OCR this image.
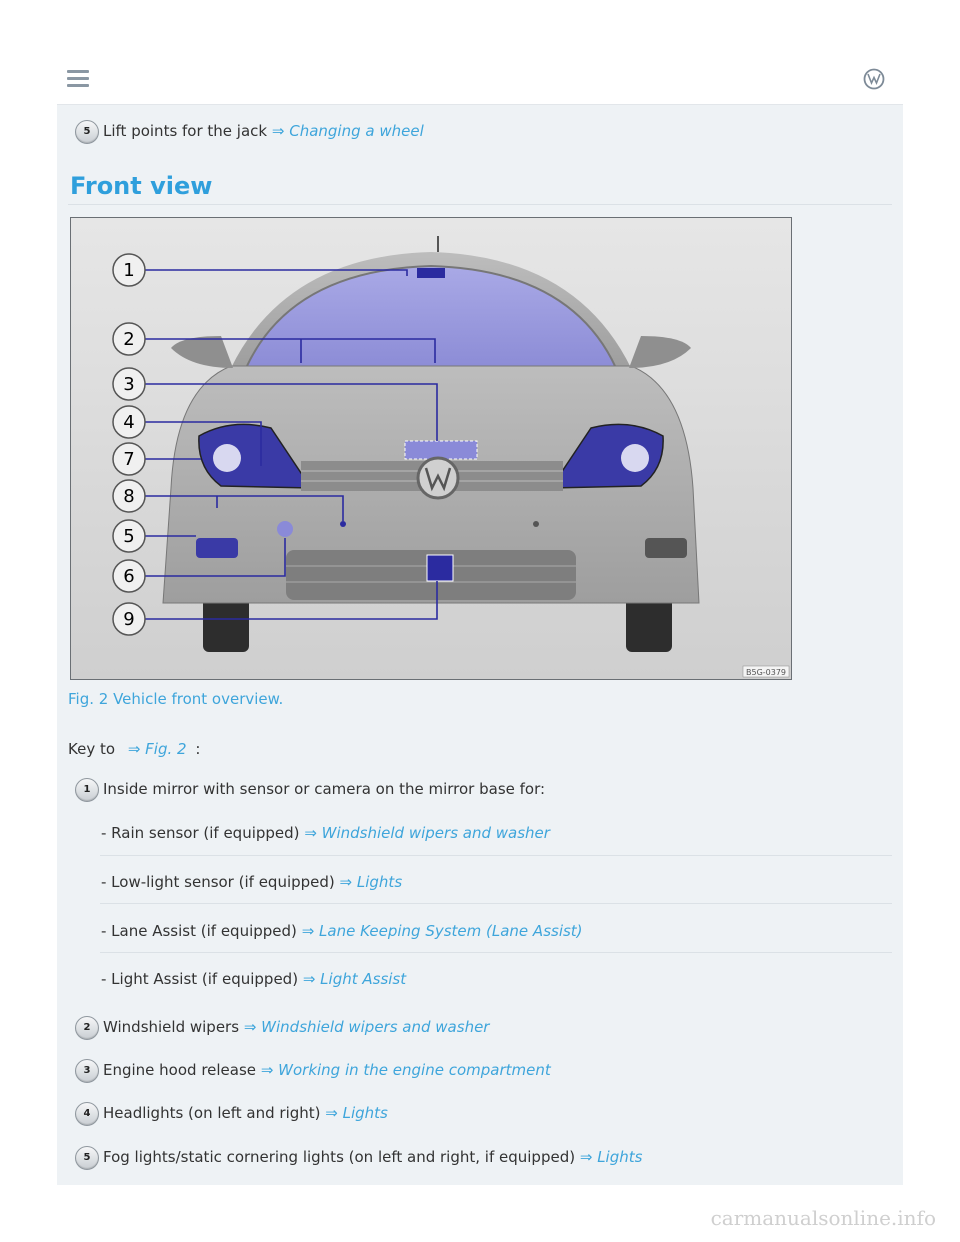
5 Lift points for the jack ⇒ Changing a wheel
Front view
1
2
3
4
7
8
5
6
9
B5G-0379
Fig. 2 Vehicle front overview.
Key to ⇒ Fig. 2 :
1 Inside mirror with sensor or camera on the mirror base for:
- Rain sensor (if equipped) ⇒ Windshield wipers and washer
- Low-light sensor (if equipped) ⇒ Lights
- Lane Assist (if equipped) ⇒ Lane Keeping System (Lane Assist)
- Light Assist (if equipped) ⇒ Light Assist
2 Windshield wipers ⇒ Windshield wipers and washer
3 Engine hood release ⇒ Working in the engine compartment
4 Headlights (on left and right) ⇒ Lights
5 Fog lights/static cornering lights (on left and right, if equipped) ⇒ Lights
carmanualsonline.info
